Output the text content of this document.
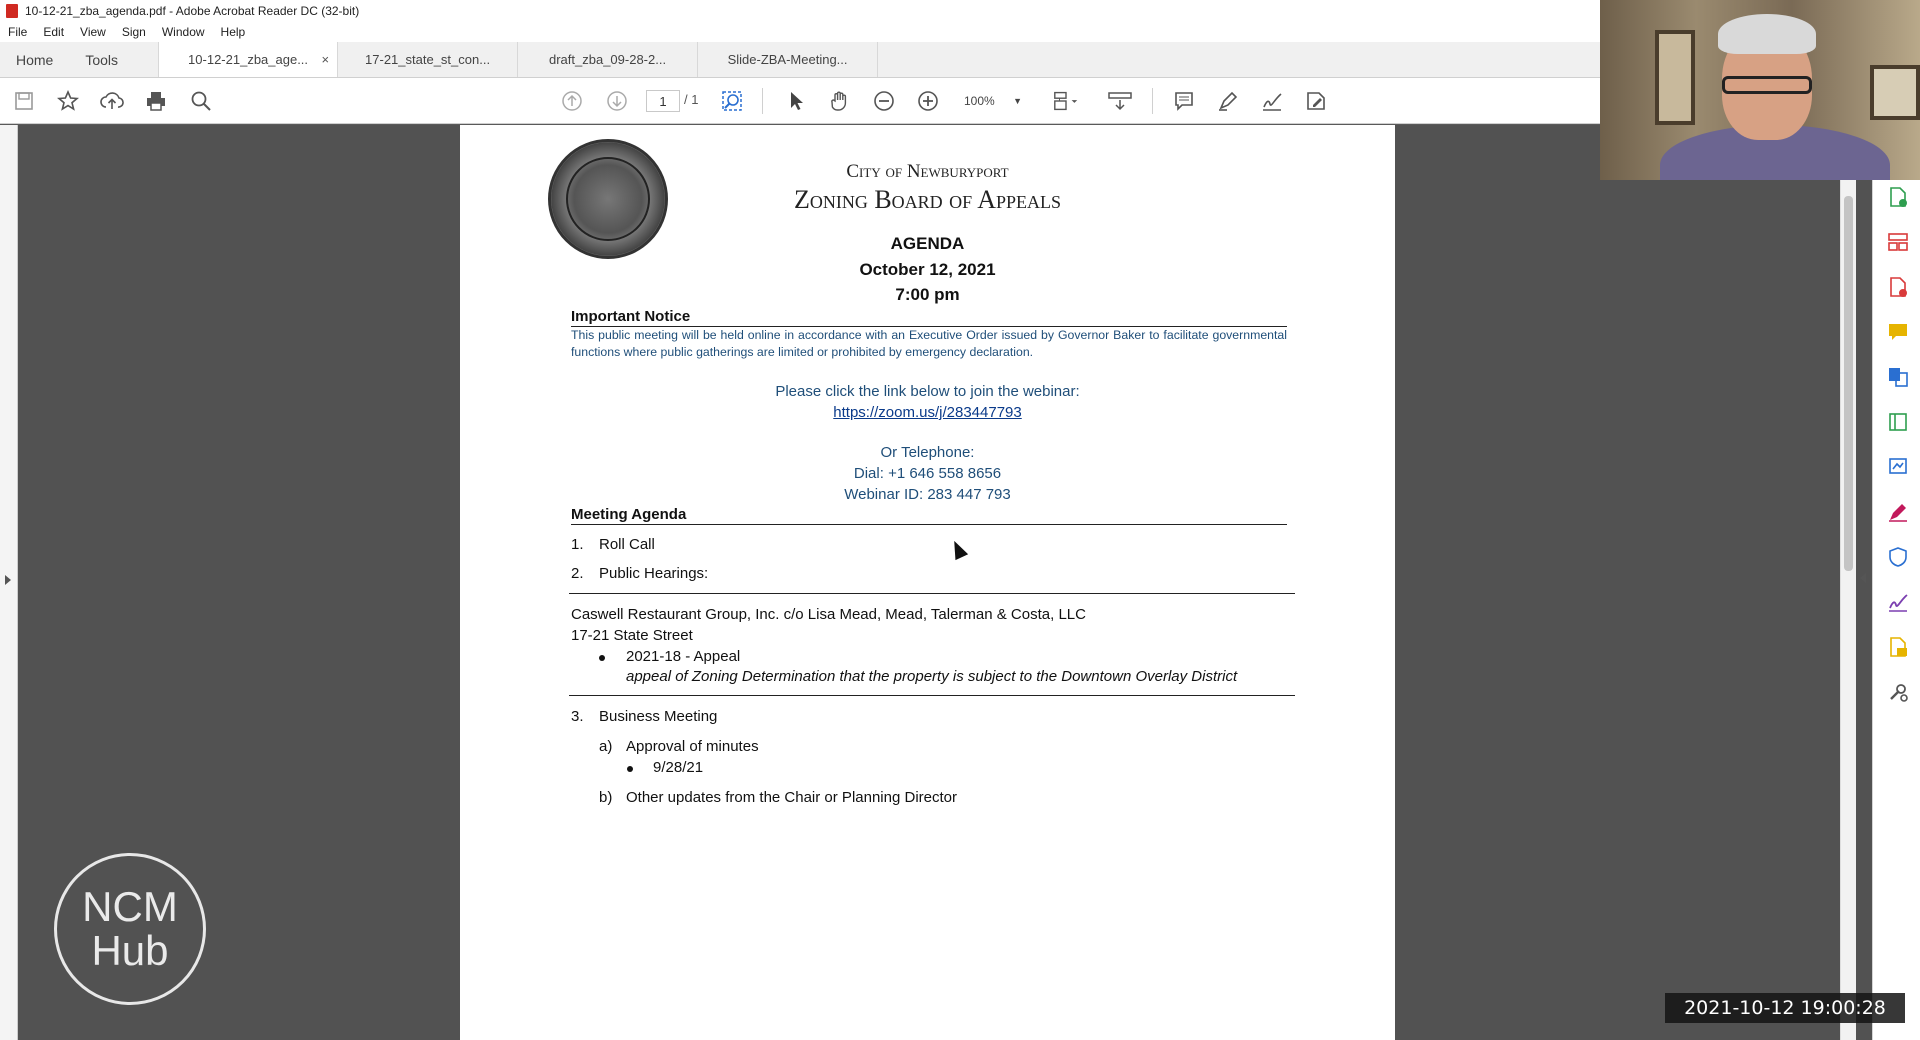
10-12-21_zba_agenda.pdf - Adobe Acrobat Reader DC (32-bit)
File	Edit	View	Sign	Window	Help
Home	Tools	10-12-21_zba_age... ×	17-21_state_st_con...	draft_zba_09-28-2...	Slide-ZBA-Meeting...
1	/ 1	100% ▼
City of Newburyport
Zoning Board of Appeals
AGENDA
October 12, 2021
7:00 pm
Important Notice
This public meeting will be held online in accordance with an Executive Order issued by Governor Baker to facilitate governmental functions where public gatherings are limited or prohibited by emergency declaration.
Please click the link below to join the webinar:
https://zoom.us/j/283447793
Or Telephone:
Dial: +1 646 558 8656
Webinar ID: 283 447 793
Meeting Agenda
1. Roll Call
2. Public Hearings:
Caswell Restaurant Group, Inc. c/o Lisa Mead, Mead, Talerman & Costa, LLC
17-21 State Street
2021-18 - Appeal
appeal of Zoning Determination that the property is subject to the Downtown Overlay District
3. Business Meeting
a) Approval of minutes
9/28/21
b) Other updates from the Chair or Planning Director
NCM
Hub
2021-10-12 19:00:28
